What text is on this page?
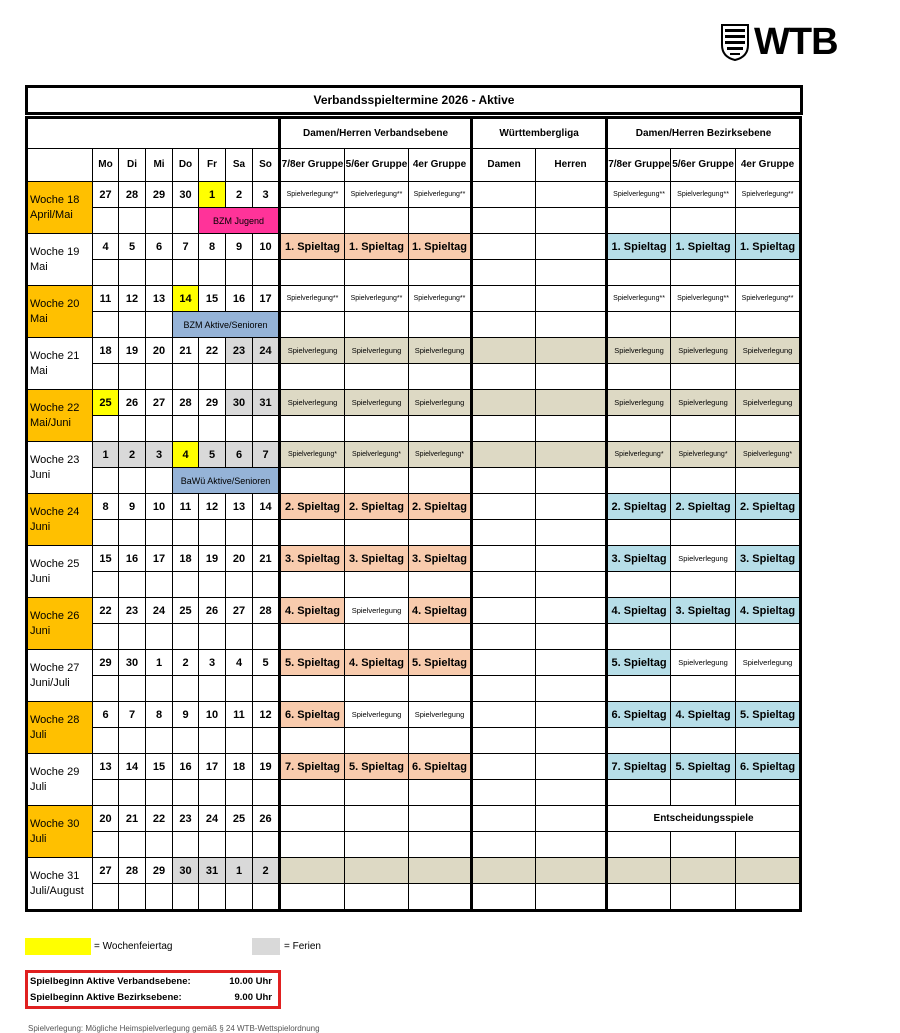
WTB
Verbandsspieltermine 2026 - Aktive
								Damen/Herren Verbandsebene			Württembergliga		Damen/Herren Bezirksebene		
	Mo	Di	Mi	Do	Fr	Sa	So	7/8er Gruppe	5/6er Gruppe	4er Gruppe	Damen	Herren	7/8er Gruppe	5/6er Gruppe	4er Gruppe
Woche 18
April/Mai	27	28	29	30	1	2	3	Spielverlegung**	Spielverlegung**	Spielverlegung**			Spielverlegung**	Spielverlegung**	Spielverlegung**
					BZM Jugend										
Woche 19
Mai	4	5	6	7	8	9	10	1. Spieltag	1. Spieltag	1. Spieltag			1. Spieltag	1. Spieltag	1. Spieltag

Woche 20
Mai	11	12	13	14	15	16	17	Spielverlegung**	Spielverlegung**	Spielverlegung**			Spielverlegung**	Spielverlegung**	Spielverlegung**
				BZM Aktive/Senioren											
Woche 21
Mai	18	19	20	21	22	23	24	Spielverlegung	Spielverlegung	Spielverlegung			Spielverlegung	Spielverlegung	Spielverlegung

Woche 22
Mai/Juni	25	26	27	28	29	30	31	Spielverlegung	Spielverlegung	Spielverlegung			Spielverlegung	Spielverlegung	Spielverlegung

Woche 23
Juni	1	2	3	4	5	6	7	Spielverlegung*	Spielverlegung*	Spielverlegung*			Spielverlegung*	Spielverlegung*	Spielverlegung*
				BaWü Aktive/Senioren											
Woche 24
Juni	8	9	10	11	12	13	14	2. Spieltag	2. Spieltag	2. Spieltag			2. Spieltag	2. Spieltag	2. Spieltag

Woche 25
Juni	15	16	17	18	19	20	21	3. Spieltag	3. Spieltag	3. Spieltag			3. Spieltag	Spielverlegung	3. Spieltag

Woche 26
Juni	22	23	24	25	26	27	28	4. Spieltag	Spielverlegung	4. Spieltag			4. Spieltag	3. Spieltag	4. Spieltag

Woche 27
Juni/Juli	29	30	1	2	3	4	5	5. Spieltag	4. Spieltag	5. Spieltag			5. Spieltag	Spielverlegung	Spielverlegung

Woche 28
Juli	6	7	8	9	10	11	12	6. Spieltag	Spielverlegung	Spielverlegung			6. Spieltag	4. Spieltag	5. Spieltag

Woche 29
Juli	13	14	15	16	17	18	19	7. Spieltag	5. Spieltag	6. Spieltag			7. Spieltag	5. Spieltag	6. Spieltag

Woche 30
Juli	20	21	22	23	24	25	26						Entscheidungsspiele		

Woche 31
Juli/August	27	28	29	30	31	1	2								

= Wochenfeiertag	= Ferien
Spielbeginn Aktive Verbandsebene:	10.00 Uhr
Spielbeginn Aktive Bezirksebene:	9.00 Uhr
Spielverlegung: Mögliche Heimspielverlegung gemäß § 24 WTB-Wettspielordnung
